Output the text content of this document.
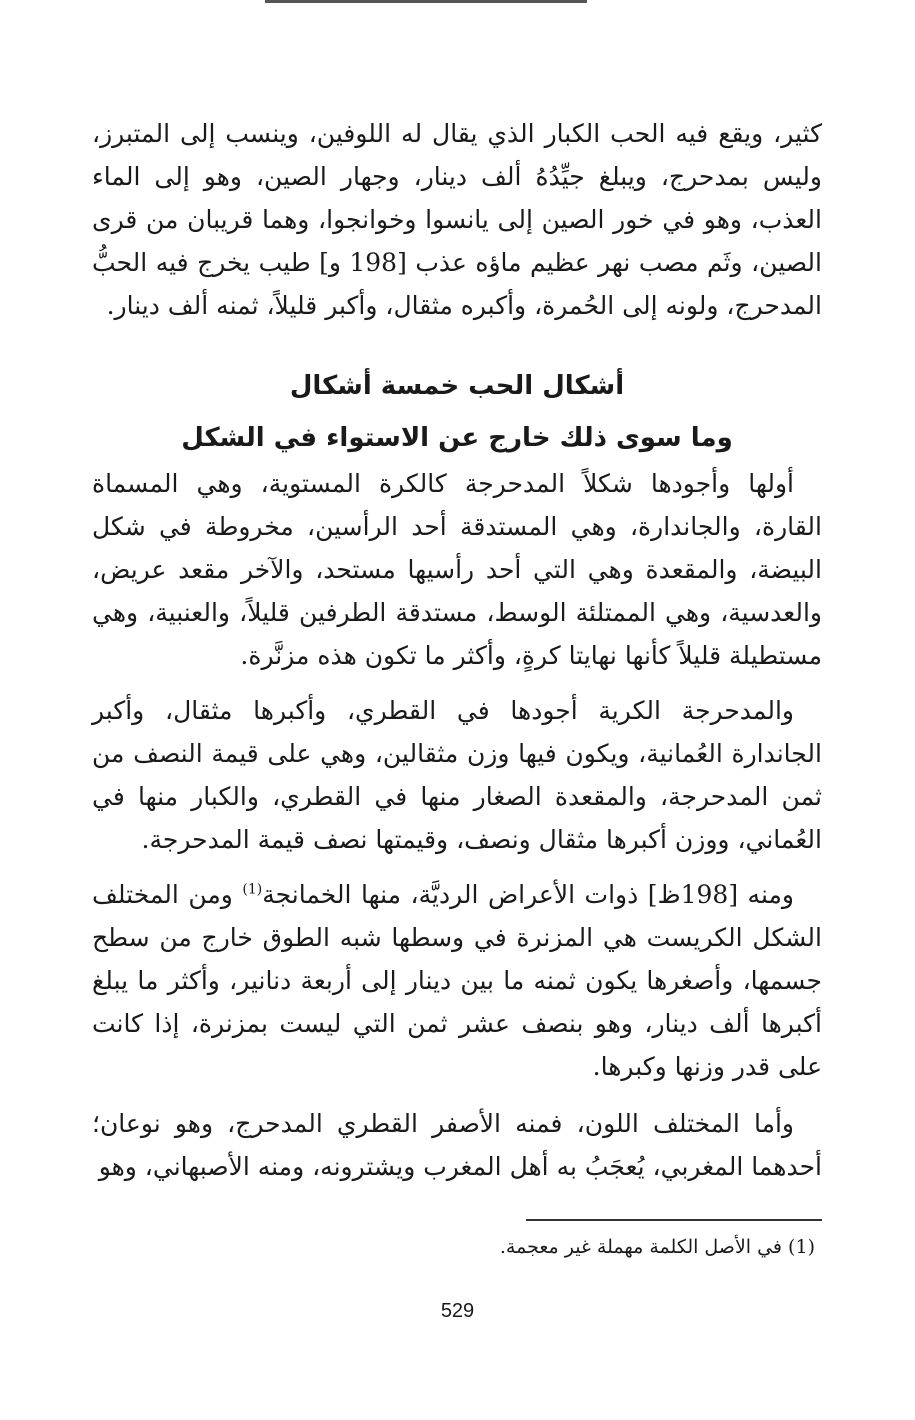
كثير، ويقع فيه الحب الكبار الذي يقال له اللوفين، وينسب إلى المتبرز، وليس بمدحرج، ويبلغ جيِّدُهُ ألف دينار، وجهار الصين، وهو إلى الماء العذب، وهو في خور الصين إلى يانسوا وخوانجوا، وهما قريبان من قرى الصين، وثَم مصب نهر عظيم ماؤه عذب [198 و] طيب يخرج فيه الحبُّ المدحرج، ولونه إلى الحُمرة، وأكبره مثقال، وأكبر قليلاً، ثمنه ألف دينار.

أشكال الحب خمسة أشكال
وما سوى ذلك خارج عن الاستواء في الشكل

أولها وأجودها شكلاً المدحرجة كالكرة المستوية، وهي المسماة القارة، والجاندارة، وهي المستدقة أحد الرأسين، مخروطة في شكل البيضة، والمقعدة وهي التي أحد رأسيها مستحد، والآخر مقعد عريض، والعدسية، وهي الممتلئة الوسط، مستدقة الطرفين قليلاً، والعنبية، وهي مستطيلة قليلاً كأنها نهايتا كرةٍ، وأكثر ما تكون هذه مزنَّرة.

والمدحرجة الكرية أجودها في القطري، وأكبرها مثقال، وأكبر الجاندارة العُمانية، ويكون فيها وزن مثقالين، وهي على قيمة النصف من ثمن المدحرجة، والمقعدة الصغار منها في القطري، والكبار منها في العُماني، ووزن أكبرها مثقال ونصف، وقيمتها نصف قيمة المدحرجة.

ومنه [198ظ] ذوات الأعراض الرديَّة، منها الخمانجة$^{(1)}$ ومن المختلف الشكل الكريست هي المزنرة في وسطها شبه الطوق خارج من سطح جسمها، وأصغرها يكون ثمنه ما بين دينار إلى أربعة دنانير، وأكثر ما يبلغ أكبرها ألف دينار، وهو بنصف عشر ثمن التي ليست بمزنرة، إذا كانت على قدر وزنها وكبرها.

وأما المختلف اللون، فمنه الأصفر القطري المدحرج، وهو نوعان؛ أحدهما المغربي، يُعجَبُ به أهل المغرب ويشترونه، ومنه الأصبهاني، وهو

(1) في الأصل الكلمة مهملة غير معجمة.
529
